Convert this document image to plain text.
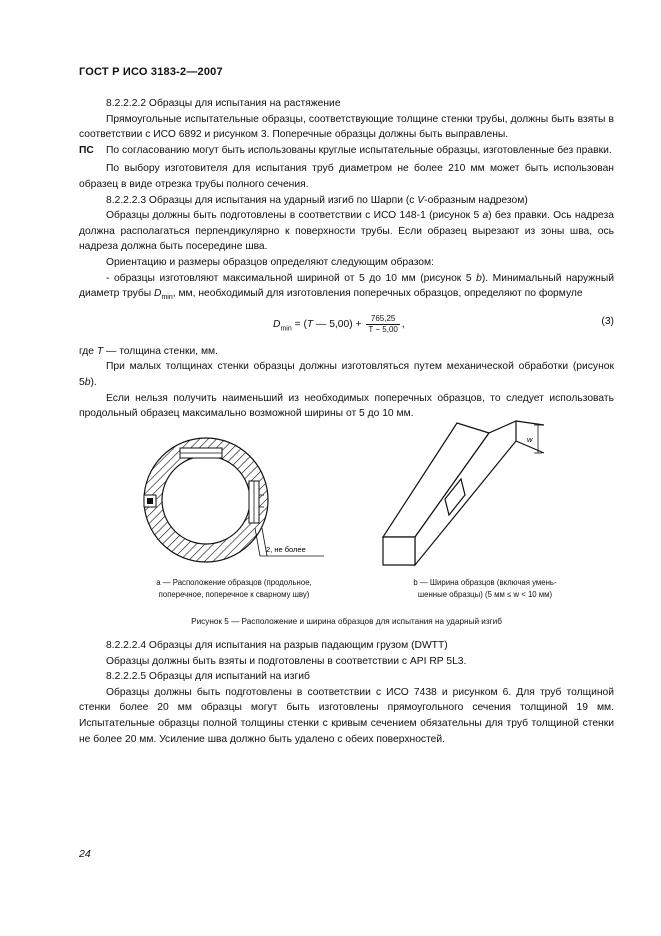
ГОСТ Р ИСО 3183-2—2007

8.2.2.2.2 Образцы для испытания на растяжение

Прямоугольные испытательные образцы, соответствующие толщине стенки трубы, должны быть взяты в соответствии с ИСО 6892 и рисунком 3. Поперечные образцы должны быть выправлены.

ПС По согласованию могут быть использованы круглые испытательные образцы, изготовленные без правки.

По выбору изготовителя для испытания труб диаметром не более 210 мм может быть использован образец в виде отрезка трубы полного сечения.

8.2.2.2.3 Образцы для испытания на ударный изгиб по Шарпи (с V-образным надрезом)

Образцы должны быть подготовлены в соответствии с ИСО 148-1 (рисунок 5 а) без правки. Ось надреза должна располагаться перпендикулярно к поверхности трубы. Если образец вырезают из зоны шва, ось надреза должна быть посередине шва.

Ориентацию и размеры образцов определяют следующим образом:

- образцы изготовляют максимальной шириной от 5 до 10 мм (рисунок 5 b). Минимальный наружный диаметр трубы $D_{min}$, мм, необходимый для изготовления поперечных образцов, определяют по формуле

$D_{min} = (T$ — $5,00) + \frac{765,25}{T - 5,00}$ ,	(3)

где T — толщина стенки, мм.

При малых толщинах стенки образцы должны изготовляться путем механической обработки (рисунок 5b).

Если нельзя получить наименьший из необходимых поперечных образцов, то следует использовать продольный образец максимально возможной ширины от 5 до 10 мм.

2, не более
w
а — Расположение образцов (продольное,
поперечное, поперечное к сварному шву)
b — Ширина образцов (включая умень-
шенные образцы) (5 мм ≤ w < 10 мм)
Рисунок 5 — Расположение и ширина образцов для испытания на ударный изгиб

8.2.2.2.4 Образцы для испытания на разрыв падающим грузом (DWTT)

Образцы должны быть взяты и подготовлены в соответствии с API RP 5L3.

8.2.2.2.5 Образцы для испытаний на изгиб

Образцы должны быть подготовлены в соответствии с ИСО 7438 и рисунком 6. Для труб толщиной стенки более 20 мм образцы могут быть изготовлены прямоугольного сечения толщиной 19 мм. Испытательные образцы полной толщины стенки с кривым сечением обязательны для труб толщиной стенки не более 20 мм. Усиление шва должно быть удалено с обеих поверхностей.

24
